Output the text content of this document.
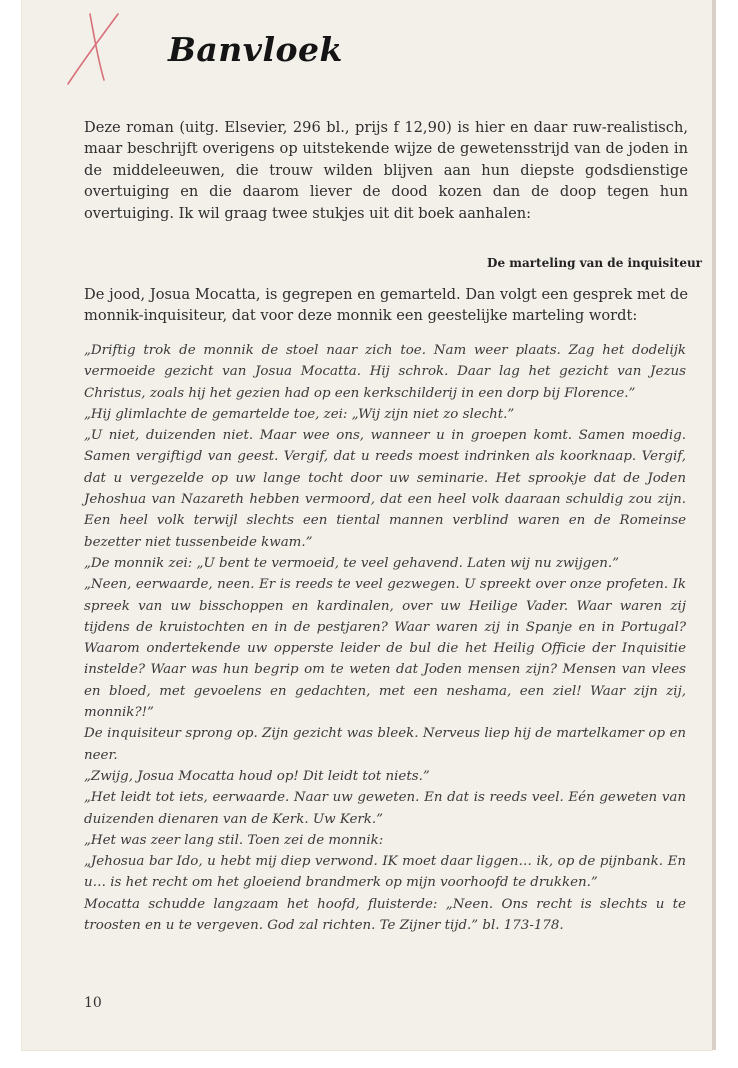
Banvloek

Deze roman (uitg. Elsevier, 296 bl., prijs f 12,90) is hier en daar ruw-realistisch, maar beschrijft overigens op uitstekende wijze de gewetensstrijd van de joden in de middeleeuwen, die trouw wilden blijven aan hun diepste godsdienstige overtuiging en die daarom liever de dood kozen dan de doop tegen hun overtuiging. Ik wil graag twee stukjes uit dit boek aanhalen:

De marteling van de inquisiteur

De jood, Josua Mocatta, is gegrepen en gemarteld. Dan volgt een gesprek met de monnik-inquisiteur, dat voor deze monnik een geestelijke marteling wordt:

„Driftig trok de monnik de stoel naar zich toe. Nam weer plaats. Zag het dodelijk vermoeide gezicht van Josua Mocatta. Hij schrok. Daar lag het gezicht van Jezus Christus, zoals hij het gezien had op een kerkschilderij in een dorp bij Florence.”

„Hij glimlachte de gemartelde toe, zei: „Wij zijn niet zo slecht.”

„U niet, duizenden niet. Maar wee ons, wanneer u in groepen komt. Samen moedig. Samen vergiftigd van geest. Vergif, dat u reeds moest indrinken als koorknaap. Vergif, dat u vergezelde op uw lange tocht door uw seminarie. Het sprookje dat de Joden Jehoshua van Nazareth hebben vermoord, dat een heel volk daaraan schuldig zou zijn. Een heel volk terwijl slechts een tiental mannen verblind waren en de Romeinse bezetter niet tussenbeide kwam.”

„De monnik zei: „U bent te vermoeid, te veel gehavend. Laten wij nu zwijgen.”

„Neen, eerwaarde, neen. Er is reeds te veel gezwegen. U spreekt over onze profeten. Ik spreek van uw bisschoppen en kardinalen, over uw Heilige Vader. Waar waren zij tijdens de kruistochten en in de pestjaren? Waar waren zij in Spanje en in Portugal? Waarom ondertekende uw opperste leider de bul die het Heilig Officie der Inquisitie instelde? Waar was hun begrip om te weten dat Joden mensen zijn? Mensen van vlees en bloed, met gevoelens en gedachten, met een neshama, een ziel! Waar zijn zij, monnik?!”

De inquisiteur sprong op. Zijn gezicht was bleek. Nerveus liep hij de martelkamer op en neer.

„Zwijg, Josua Mocatta houd op! Dit leidt tot niets.”

„Het leidt tot iets, eerwaarde. Naar uw geweten. En dat is reeds veel. Eén geweten van duizenden dienaren van de Kerk. Uw Kerk.”

„Het was zeer lang stil. Toen zei de monnik:

„Jehosua bar Ido, u hebt mij diep verwond. IK moet daar liggen… ik, op de pijnbank. En u… is het recht om het gloeiend brandmerk op mijn voorhoofd te drukken.”

Mocatta schudde langzaam het hoofd, fluisterde: „Neen. Ons recht is slechts u te troosten en u te vergeven. God zal richten. Te Zijner tijd.” bl. 173-178.

10
